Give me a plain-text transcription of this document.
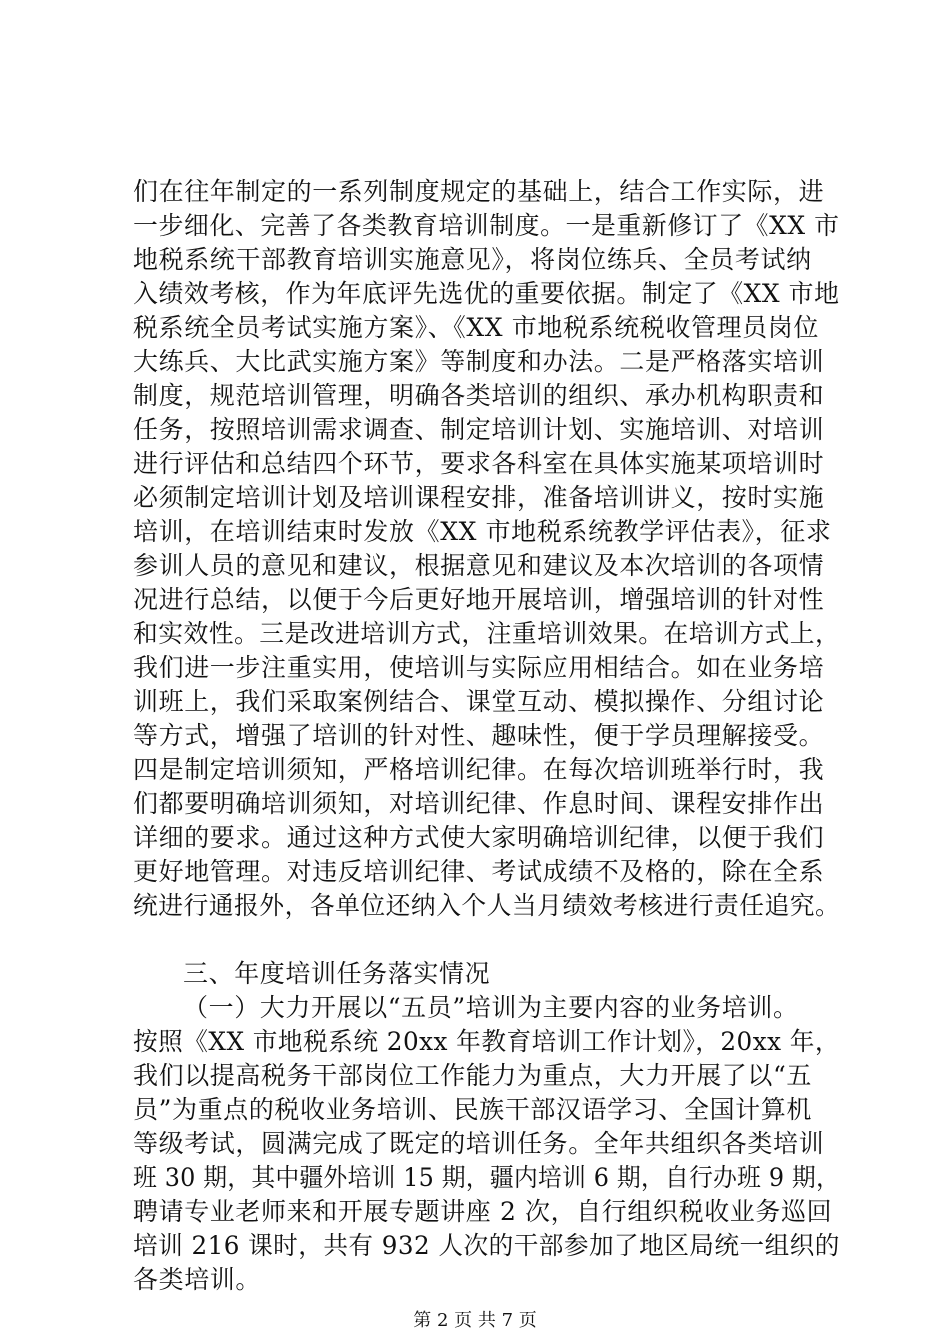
们在往年制定的一系列制度规定的基础上，结合工作实际，进
一步细化、完善了各类教育培训制度。一是重新修订了《XX 市
地税系统干部教育培训实施意见》，将岗位练兵、全员考试纳
入绩效考核，作为年底评先选优的重要依据。制定了《XX 市地
税系统全员考试实施方案》、《XX 市地税系统税收管理员岗位
大练兵、大比武实施方案》等制度和办法。二是严格落实培训
制度，规范培训管理，明确各类培训的组织、承办机构职责和
任务，按照培训需求调查、制定培训计划、实施培训、对培训
进行评估和总结四个环节，要求各科室在具体实施某项培训时
必须制定培训计划及培训课程安排，准备培训讲义，按时实施
培训，在培训结束时发放《XX 市地税系统教学评估表》，征求
参训人员的意见和建议，根据意见和建议及本次培训的各项情
况进行总结，以便于今后更好地开展培训，增强培训的针对性
和实效性。三是改进培训方式，注重培训效果。在培训方式上，
我们进一步注重实用，使培训与实际应用相结合。如在业务培
训班上，我们采取案例结合、课堂互动、模拟操作、分组讨论
等方式，增强了培训的针对性、趣味性，便于学员理解接受。
四是制定培训须知，严格培训纪律。在每次培训班举行时，我
们都要明确培训须知，对培训纪律、作息时间、课程安排作出
详细的要求。通过这种方式使大家明确培训纪律，以便于我们
更好地管理。对违反培训纪律、考试成绩不及格的，除在全系
统进行通报外，各单位还纳入个人当月绩效考核进行责任追究。
三、年度培训任务落实情况
（一）大力开展以“五员”培训为主要内容的业务培训。
按照《XX 市地税系统 20xx 年教育培训工作计划》，20xx 年，
我们以提高税务干部岗位工作能力为重点，大力开展了以“五
员”为重点的税收业务培训、民族干部汉语学习、全国计算机
等级考试，圆满完成了既定的培训任务。全年共组织各类培训
班 30 期，其中疆外培训 15 期，疆内培训 6 期，自行办班 9 期，
聘请专业老师来和开展专题讲座 2 次，自行组织税收业务巡回
培训 216 课时，共有 932 人次的干部参加了地区局统一组织的
各类培训。
第 2 页 共 7 页
